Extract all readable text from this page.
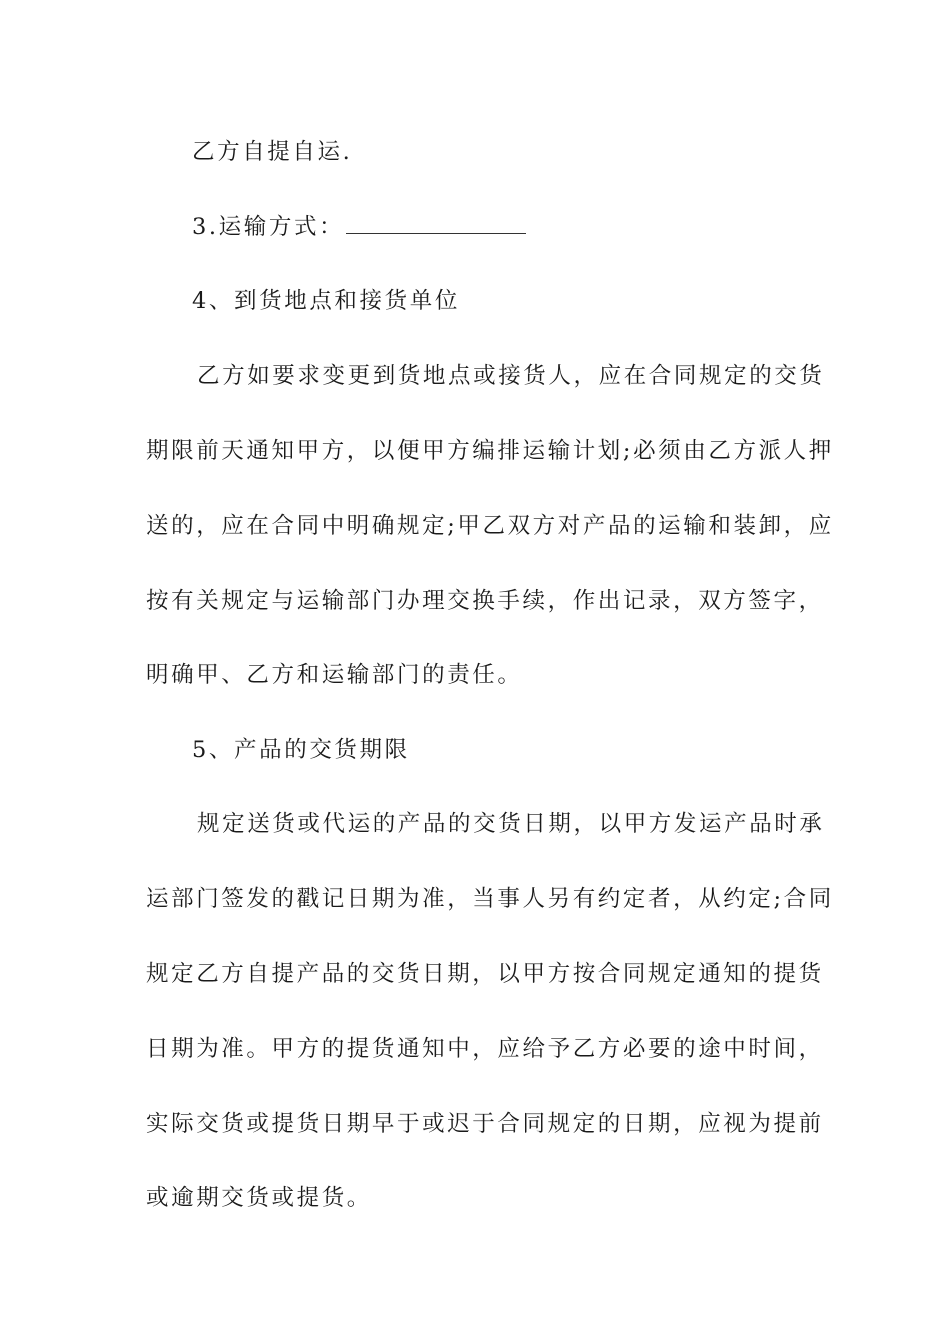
乙方自提自运.
3.运输方式：
4、到货地点和接货单位
乙方如要求变更到货地点或接货人，应在合同规定的交货
期限前天通知甲方，以便甲方编排运输计划;必须由乙方派人押
送的，应在合同中明确规定;甲乙双方对产品的运输和装卸，应
按有关规定与运输部门办理交换手续，作出记录，双方签字，
明确甲、乙方和运输部门的责任。
5、产品的交货期限
规定送货或代运的产品的交货日期，以甲方发运产品时承
运部门签发的戳记日期为准，当事人另有约定者，从约定;合同
规定乙方自提产品的交货日期，以甲方按合同规定通知的提货
日期为准。甲方的提货通知中，应给予乙方必要的途中时间，
实际交货或提货日期早于或迟于合同规定的日期，应视为提前
或逾期交货或提货。
